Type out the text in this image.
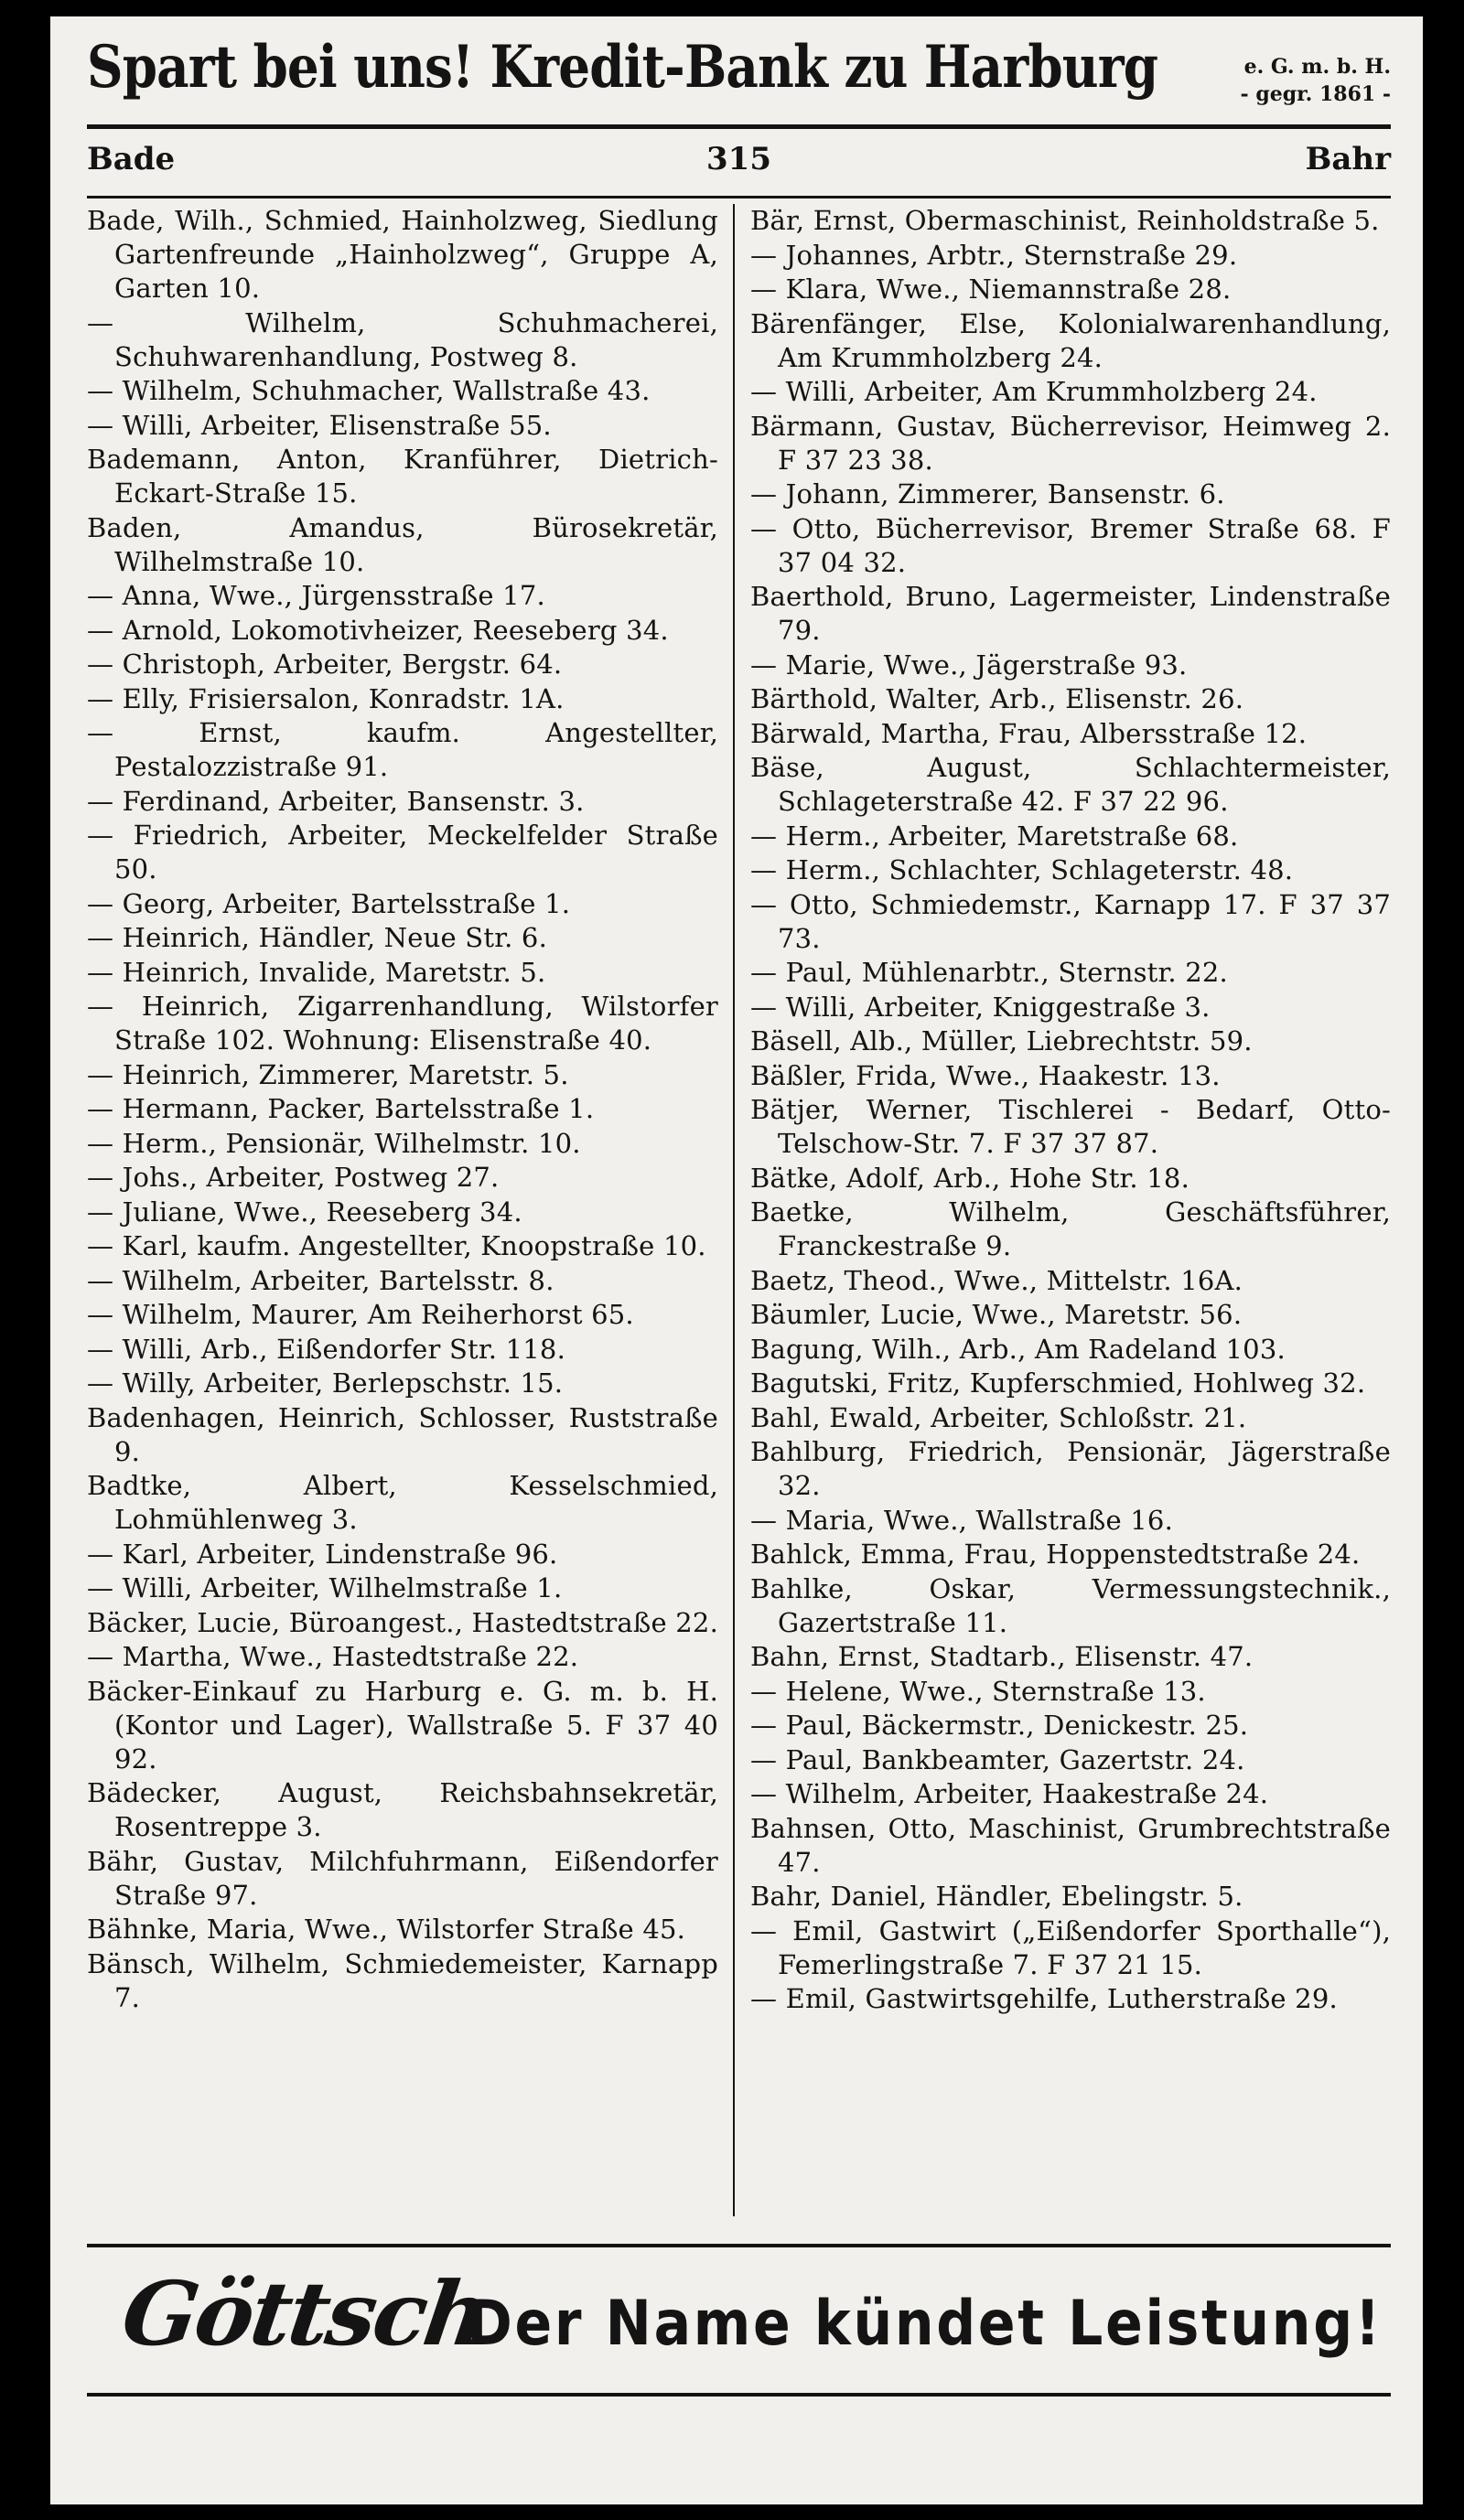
Spart bei uns! Kredit-Bank zu Harburg	e. G. m. b. H.
- gegr. 1861 -
Bade	315	Bahr
Bade, Wilh., Schmied, Hainholzweg, Siedlung Gartenfreunde „Hainholzweg“, Gruppe A, Garten 10.
— Wilhelm, Schuhmacherei, Schuhwarenhandlung, Postweg 8.
— Wilhelm, Schuhmacher, Wallstraße 43.
— Willi, Arbeiter, Elisenstraße 55.
Bademann, Anton, Kranführer, Dietrich-Eckart-Straße 15.
Baden, Amandus, Bürosekretär, Wilhelmstraße 10.
— Anna, Wwe., Jürgensstraße 17.
— Arnold, Lokomotivheizer, Reeseberg 34.
— Christoph, Arbeiter, Bergstr. 64.
— Elly, Frisiersalon, Konradstr. 1A.
— Ernst, kaufm. Angestellter, Pestalozzistraße 91.
— Ferdinand, Arbeiter, Bansenstr. 3.
— Friedrich, Arbeiter, Meckelfelder Straße 50.
— Georg, Arbeiter, Bartelsstraße 1.
— Heinrich, Händler, Neue Str. 6.
— Heinrich, Invalide, Maretstr. 5.
— Heinrich, Zigarrenhandlung, Wilstorfer Straße 102. Wohnung: Elisenstraße 40.
— Heinrich, Zimmerer, Maretstr. 5.
— Hermann, Packer, Bartelsstraße 1.
— Herm., Pensionär, Wilhelmstr. 10.
— Johs., Arbeiter, Postweg 27.
— Juliane, Wwe., Reeseberg 34.
— Karl, kaufm. Angestellter, Knoopstraße 10.
— Wilhelm, Arbeiter, Bartelsstr. 8.
— Wilhelm, Maurer, Am Reiherhorst 65.
— Willi, Arb., Eißendorfer Str. 118.
— Willy, Arbeiter, Berlepschstr. 15.
Badenhagen, Heinrich, Schlosser, Ruststraße 9.
Badtke, Albert, Kesselschmied, Lohmühlenweg 3.
— Karl, Arbeiter, Lindenstraße 96.
— Willi, Arbeiter, Wilhelmstraße 1.
Bäcker, Lucie, Büroangest., Hastedtstraße 22.
— Martha, Wwe., Hastedtstraße 22.
Bäcker-Einkauf zu Harburg e. G. m. b. H. (Kontor und Lager), Wallstraße 5. F 37 40 92.
Bädecker, August, Reichsbahnsekretär, Rosentreppe 3.
Bähr, Gustav, Milchfuhrmann, Eißendorfer Straße 97.
Bähnke, Maria, Wwe., Wilstorfer Straße 45.
Bänsch, Wilhelm, Schmiedemeister, Karnapp 7.
Bär, Ernst, Obermaschinist, Reinholdstraße 5.
— Johannes, Arbtr., Sternstraße 29.
— Klara, Wwe., Niemannstraße 28.
Bärenfänger, Else, Kolonialwarenhandlung, Am Krummholzberg 24.
— Willi, Arbeiter, Am Krummholzberg 24.
Bärmann, Gustav, Bücherrevisor, Heimweg 2. F 37 23 38.
— Johann, Zimmerer, Bansenstr. 6.
— Otto, Bücherrevisor, Bremer Straße 68. F 37 04 32.
Baerthold, Bruno, Lagermeister, Lindenstraße 79.
— Marie, Wwe., Jägerstraße 93.
Bärthold, Walter, Arb., Elisenstr. 26.
Bärwald, Martha, Frau, Albersstraße 12.
Bäse, August, Schlachtermeister, Schlageterstraße 42. F 37 22 96.
— Herm., Arbeiter, Maretstraße 68.
— Herm., Schlachter, Schlageterstr. 48.
— Otto, Schmiedemstr., Karnapp 17. F 37 37 73.
— Paul, Mühlenarbtr., Sternstr. 22.
— Willi, Arbeiter, Kniggestraße 3.
Bäsell, Alb., Müller, Liebrechtstr. 59.
Bäßler, Frida, Wwe., Haakestr. 13.
Bätjer, Werner, Tischlerei - Bedarf, Otto-Telschow-Str. 7. F 37 37 87.
Bätke, Adolf, Arb., Hohe Str. 18.
Baetke, Wilhelm, Geschäftsführer, Franckestraße 9.
Baetz, Theod., Wwe., Mittelstr. 16A.
Bäumler, Lucie, Wwe., Maretstr. 56.
Bagung, Wilh., Arb., Am Radeland 103.
Bagutski, Fritz, Kupferschmied, Hohlweg 32.
Bahl, Ewald, Arbeiter, Schloßstr. 21.
Bahlburg, Friedrich, Pensionär, Jägerstraße 32.
— Maria, Wwe., Wallstraße 16.
Bahlck, Emma, Frau, Hoppenstedtstraße 24.
Bahlke, Oskar, Vermessungstechnik., Gazertstraße 11.
Bahn, Ernst, Stadtarb., Elisenstr. 47.
— Helene, Wwe., Sternstraße 13.
— Paul, Bäckermstr., Denickestr. 25.
— Paul, Bankbeamter, Gazertstr. 24.
— Wilhelm, Arbeiter, Haakestraße 24.
Bahnsen, Otto, Maschinist, Grumbrechtstraße 47.
Bahr, Daniel, Händler, Ebelingstr. 5.
— Emil, Gastwirt („Eißendorfer Sporthalle“), Femerlingstraße 7. F 37 21 15.
— Emil, Gastwirtsgehilfe, Lutherstraße 29.
Göttsch
Der Name kündet Leistung!
